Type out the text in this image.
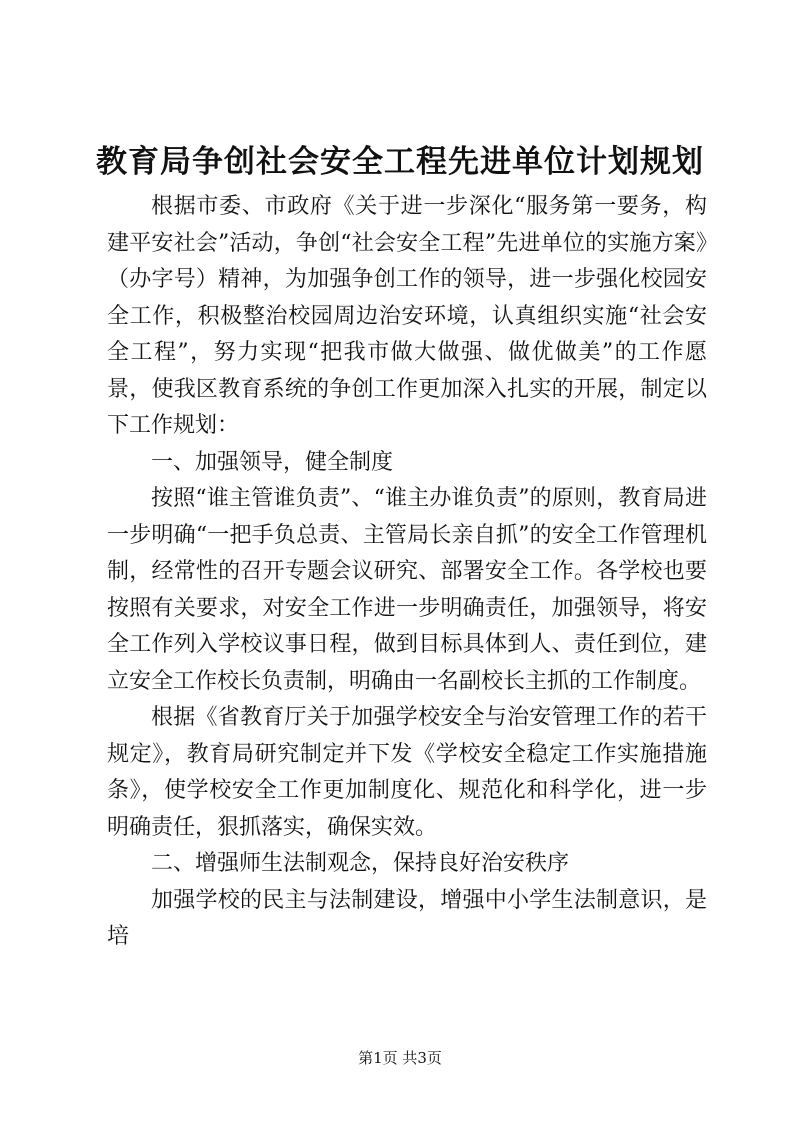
教育局争创社会安全工程先进单位计划规划

根据市委、市政府《关于进一步深化“服务第一要务，构建平安社会”活动，争创“社会安全工程”先进单位的实施方案》（办字号）精神，为加强争创工作的领导，进一步强化校园安全工作，积极整治校园周边治安环境，认真组织实施“社会安全工程”，努力实现“把我市做大做强、做优做美”的工作愿景，使我区教育系统的争创工作更加深入扎实的开展，制定以下工作规划：

一、加强领导，健全制度

按照“谁主管谁负责”、“谁主办谁负责”的原则，教育局进一步明确“一把手负总责、主管局长亲自抓”的安全工作管理机制，经常性的召开专题会议研究、部署安全工作。各学校也要按照有关要求，对安全工作进一步明确责任，加强领导，将安全工作列入学校议事日程，做到目标具体到人、责任到位，建立安全工作校长负责制，明确由一名副校长主抓的工作制度。

根据《省教育厅关于加强学校安全与治安管理工作的若干规定》，教育局研究制定并下发《学校安全稳定工作实施措施条》，使学校安全工作更加制度化、规范化和科学化，进一步明确责任，狠抓落实，确保实效。

二、增强师生法制观念，保持良好治安秩序

加强学校的民主与法制建设，增强中小学生法制意识，是培

第1页 共3页
